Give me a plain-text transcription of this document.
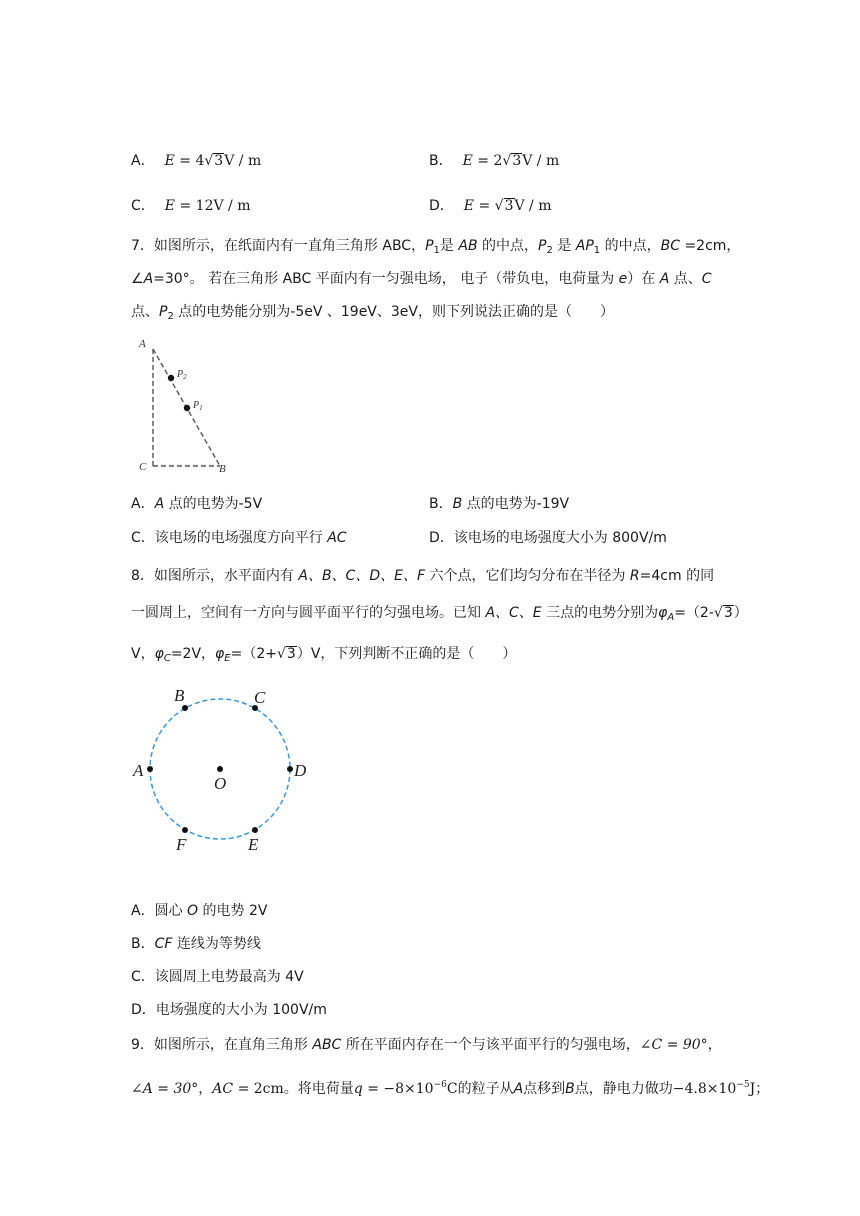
A． E = 4√3V / m	B． E = 2√3V / m
C． E = 12V / m	D． E = √3V / m
7．如图所示，在纸面内有一直角三角形 ABC，$P_1$是 AB 的中点，$P_2$ 是 $AP_1$ 的中点，BC =2cm，
∠A=30°。 若在三角形 ABC 平面内有一匀强电场， 电子（带负电，电荷量为 e）在 A 点、C
点、$P_2$ 点的电势能分别为-5eV 、19eV、3eV，则下列说法正确的是（　　）
A
C	B
$P_2$
$P_1$
A．A 点的电势为-5V	B．B 点的电势为-19V
C．该电场的电场强度方向平行 AC	D．该电场的电场强度大小为 800V/m
8．如图所示，水平面内有 A、B、C、D、E、F 六个点，它们均匀分布在半径为 R=4cm 的同
一圆周上，空间有一方向与圆平面平行的匀强电场。已知 A、C、E 三点的电势分别为$\varphi_A=(2-√3)$
V，$\varphi_C=2V$，$\varphi_E=(2+√3)V$，下列判断不正确的是（　　）
A	D
B	C
F	E
O
A．圆心 O 的电势 2V
B．CF 连线为等势线
C．该圆周上电势最高为 4V
D．电场强度的大小为 100V/m
9．如图所示，在直角三角形 ABC 所在平面内存在一个与该平面平行的匀强电场，∠C = 90°，
∠A = 30°，AC = 2cm。将电荷量$q = -8\times 10^{-6}C$的粒子从A点移到B点，静电力做功$-4.8\times 10^{-5}J$；
